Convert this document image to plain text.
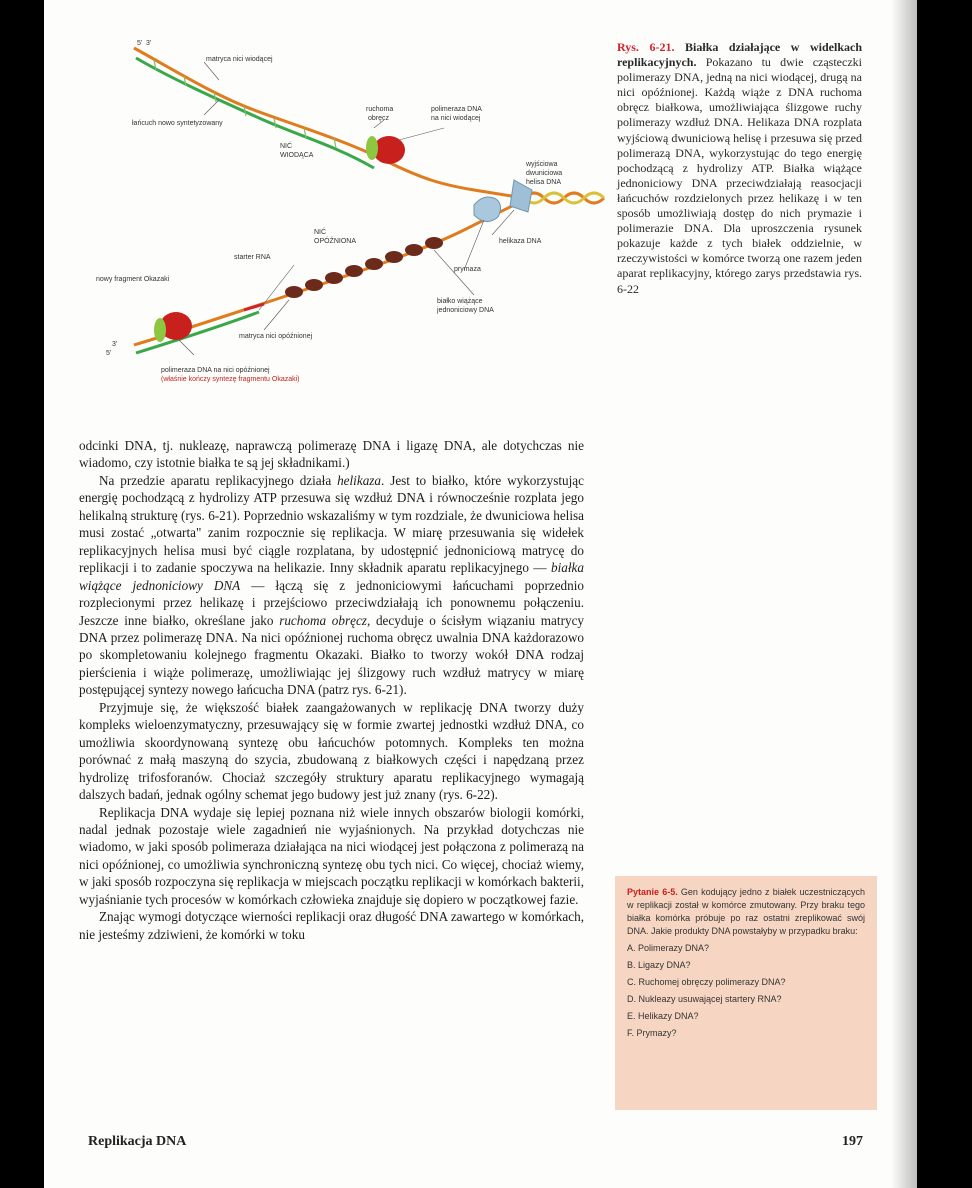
5' 3'
matryca nici wiodącej
łańcuch nowo syntetyzowany
NIĆ
WIODĄCA
ruchoma
obręcz
polimeraza DNA
na nici wiodącej
wyjściowa
dwuniciowa
helisa DNA
NIĆ
OPÓŹNIONA	helikaza DNA
starter RNA
nowy fragment Okazaki
prymaza
białko wiążące
jednoniciowy DNA
matryca nici opóźnionej
5'
3'
polimeraza DNA na nici opóźnionej
(właśnie kończy syntezę fragmentu Okazaki)
Rys. 6-21. Białka działające w widelkach replikacyjnych. Pokazano tu dwie cząsteczki polimerazy DNA, jedną na nici wiodącej, drugą na nici opóźnionej. Każdą wiąże z DNA ruchoma obręcz białkowa, umożliwiająca ślizgowe ruchy polimerazy wzdłuż DNA. Helikaza DNA rozplata wyjściową dwuniciową helisę i przesuwa się przed polimerazą DNA, wykorzystując do tego energię pochodzącą z hydrolizy ATP. Białka wiążące jednoniciowy DNA przeciwdziałają reasocjacji łańcuchów rozdzielonych przez helikazę i w ten sposób umożliwiają dostęp do nich prymazie i polimerazie DNA. Dla uproszczenia rysunek pokazuje każde z tych białek oddzielnie, w rzeczywistości w komórce tworzą one razem jeden aparat replikacyjny, którego zarys przedstawia rys. 6-22

odcinki DNA, tj. nukleazę, naprawczą polimerazę DNA i ligazę DNA, ale dotychczas nie wiadomo, czy istotnie białka te są jej składnikami.)

Na przedzie aparatu replikacyjnego działa helikaza. Jest to białko, które wykorzystując energię pochodzącą z hydrolizy ATP przesuwa się wzdłuż DNA i równocześnie rozplata jego helikalną strukturę (rys. 6-21). Poprzednio wskazaliśmy w tym rozdziale, że dwuniciowa helisa musi zostać „otwarta" zanim rozpocznie się replikacja. W miarę przesuwania się widełek replikacyjnych helisa musi być ciągle rozplatana, by udostępnić jednoniciową matrycę do replikacji i to zadanie spoczywa na helikazie. Inny składnik aparatu replikacyjnego — białka wiążące jednoniciowy DNA — łączą się z jednoniciowymi łańcuchami poprzednio rozplecionymi przez helikazę i przejściowo przeciwdziałają ich ponownemu połączeniu. Jeszcze inne białko, określane jako ruchoma obręcz, decyduje o ścisłym wiązaniu matrycy DNA przez polimerazę DNA. Na nici opóźnionej ruchoma obręcz uwalnia DNA każdorazowo po skompletowaniu kolejnego fragmentu Okazaki. Białko to tworzy wokół DNA rodzaj pierścienia i wiąże polimerazę, umożliwiając jej ślizgowy ruch wzdłuż matrycy w miarę postępującej syntezy nowego łańcucha DNA (patrz rys. 6-21).

Przyjmuje się, że większość białek zaangażowanych w replikację DNA tworzy duży kompleks wieloenzymatyczny, przesuwający się w formie zwartej jednostki wzdłuż DNA, co umożliwia skoordynowaną syntezę obu łańcuchów potomnych. Kompleks ten można porównać z małą maszyną do szycia, zbudowaną z białkowych części i napędzaną przez hydrolizę trifosforanów. Chociaż szczegóły struktury aparatu replikacyjnego wymagają dalszych badań, jednak ogólny schemat jego budowy jest już znany (rys. 6-22).

Replikacja DNA wydaje się lepiej poznana niż wiele innych obszarów biologii komórki, nadal jednak pozostaje wiele zagadnień nie wyjaśnionych. Na przykład dotychczas nie wiadomo, w jaki sposób polimeraza działająca na nici wiodącej jest połączona z polimerazą na nici opóźnionej, co umożliwia synchroniczną syntezę obu tych nici. Co więcej, chociaż wiemy, w jaki sposób rozpoczyna się replikacja w miejscach początku replikacji w komórkach bakterii, wyjaśnianie tych procesów w komórkach człowieka znajduje się dopiero w początkowej fazie.

Znając wymogi dotyczące wierności replikacji oraz długość DNA zawartego w komórkach, nie jesteśmy zdziwieni, że komórki w toku

Pytanie 6-5. Gen kodujący jedno z białek uczestniczących w replikacji został w komórce zmutowany. Przy braku tego białka komórka próbuje po raz ostatni zreplikować swój DNA. Jakie produkty DNA powstałyby w przypadku braku:
A. Polimerazy DNA?
B. Ligazy DNA?
C. Ruchomej obręczy polimerazy DNA?
D. Nukleazy usuwającej startery RNA?
E. Helikazy DNA?
F. Prymazy?
Replikacja DNA	197
